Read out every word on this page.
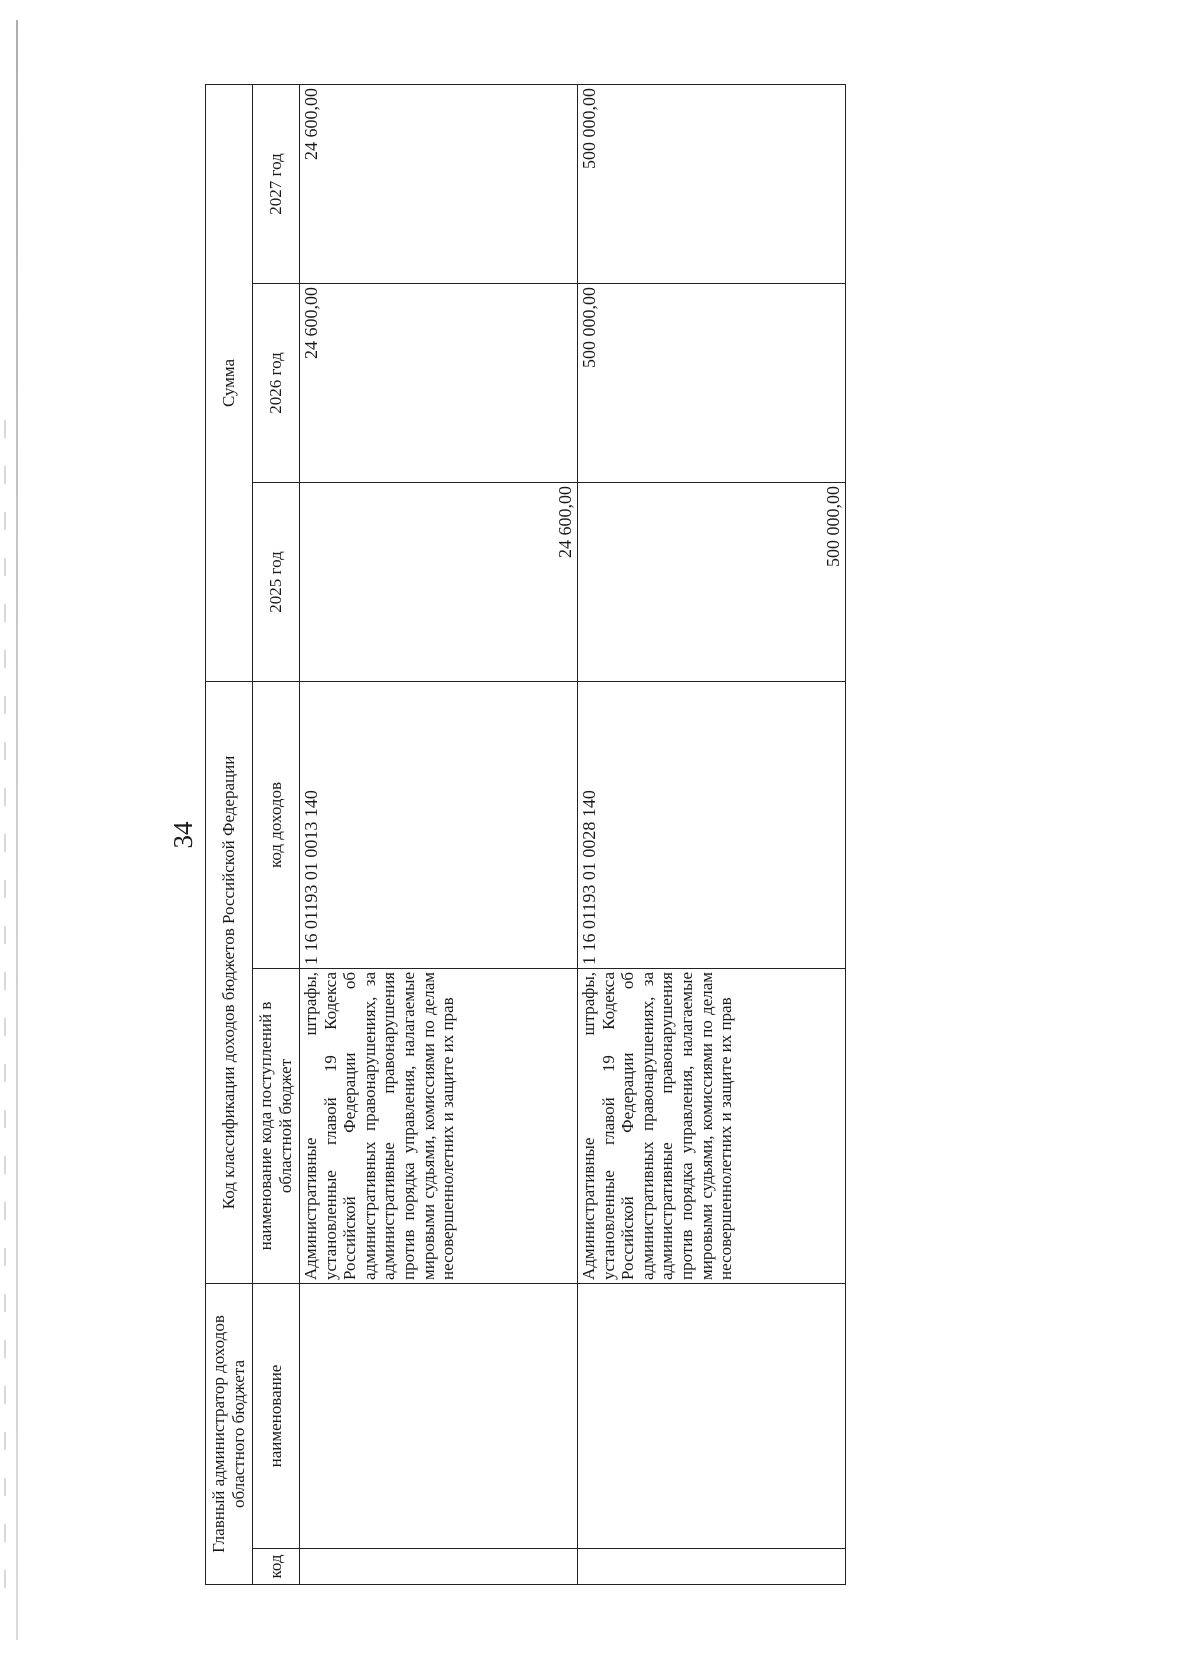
34
Главный администратор доходов областного бюджета		Код классификации доходов бюджетов Российской Федерации		Сумма		
код	наименование	наименование кода поступлений в областной бюджет	код доходов	2025 год	2026 год	2027 год
		Административные штрафы, установленные главой 19 Кодекса Российской Федерации об административных правонарушениях, за административные правонарушения против порядка управления, налагаемые мировыми судьями, комиссиями по делам несовершеннолетних и защите их прав	1 16 01193 01 0013 140	24 600,00	24 600,00	24 600,00
		Административные штрафы, установленные главой 19 Кодекса Российской Федерации об административных правонарушениях, за административные правонарушения против порядка управления, налагаемые мировыми судьями, комиссиями по делам несовершеннолетних и защите их прав	1 16 01193 01 0028 140	500 000,00	500 000,00	500 000,00
